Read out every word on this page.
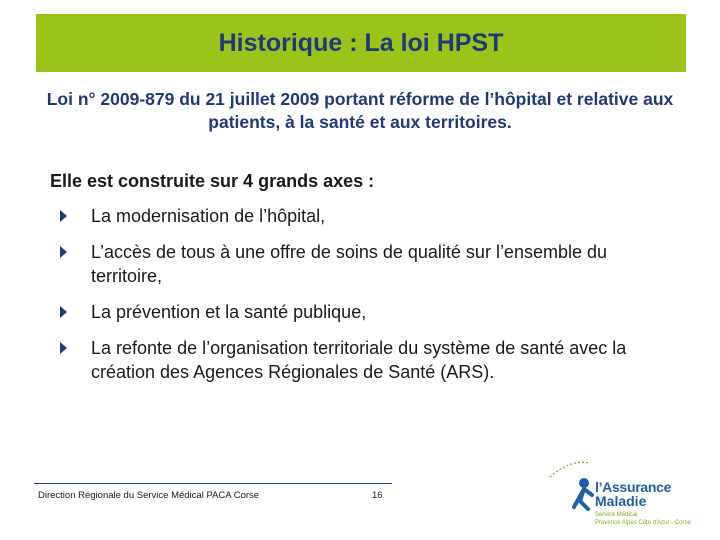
Historique : La loi HPST
Loi n° 2009-879 du 21 juillet 2009 portant réforme de l’hôpital et relative aux patients, à la santé et aux territoires.
Elle est construite sur 4 grands axes :
La modernisation de l’hôpital,
L’accès de tous à une offre de soins de qualité sur l’ensemble du territoire,
La prévention et la santé publique,
La refonte de l’organisation territoriale du système de santé avec la création des Agences Régionales de Santé (ARS).
Direction Régionale du Service Médical PACA Corse	16
l’Assurance
Maladie
Service Médical
Provence Alpes Côte d'Azur - Corse
